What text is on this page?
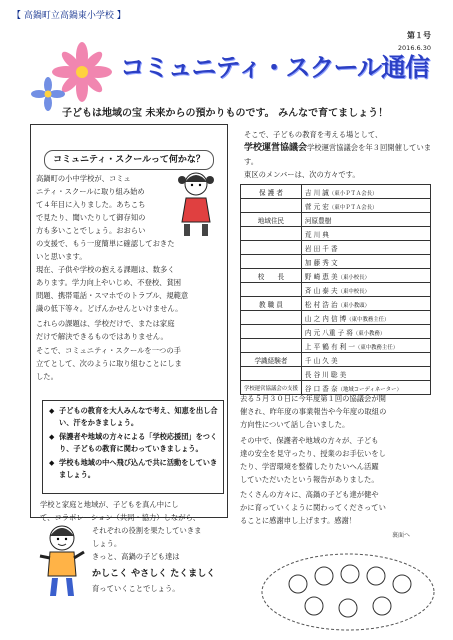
【 高鍋町立高鍋東小学校 】
第１号
2016.6.30
コミュニティ・スクール通信
子どもは地域の宝 未来からの預かりものです。 みんなで育てましょう！
コミュニティ・スクールって何かな？
高鍋町の小中学校が、コミュ
ニティ・スクールに取り組み始め
て４年目に入りました。あちこち
で見たり、聞いたりして御存知の
方も多いことでしょう。おおらい
の支援で、もう一度簡単に確認しておきた
いと思います。
現在、子供や学校の抱える課題は、数多く
あります。学力向上やいじめ、不登校、貧困
問題、携帯電話・スマホでのトラブル、規範意
識の低下等々。どげんかせんといけません。
これらの課題は、学校だけで、または家庭
だけで解決できるものではありません。
そこで、コミュニティ・スクールを一つの手
立てとして、次のように取り組むことにしま
した。
◆ 子どもの教育を大人みんなで考え、知恵を出し合い、汗をかきましょう。
◆ 保護者や地域の方々による「学校応援団」をつくり、子どもの教育に関わっていきましょう。
◆ 学校も地域の中へ飛び込んで共に活動をしていきましょう。
学校と家庭と地域が、子どもを真ん中にし
て、コラボレーション（共同・協力）しながら、
それぞれの役割を果たしていきま
しょう。
きっと、高鍋の子ども達は
かしこく やさしく たくましく
育っていくことでしょう。
そこで、子どもの教育を考える場として、
学校運営協議会学校運営協議会を年３回開催していま
す。
東区のメンバーは、次の方々です。
保 護 者	吉 川 誠（東小ＰＴＡ会長）
	菅 元 宏（東中ＰＴＡ会長）
地域住民	河原豊樹
	荒 川 典
	岩 田 千 香
	加 藤 秀 文
校　　長	野 崎 恵 美（東小校長）
	斉 山 泰 夫（東中校長）
教 職 員	松 村 浩 治（東小教頭）
	山 之 内 信 博（東中教務主任）
	内 元 八重 子 将（東小教務）
	上 平 鶴 有 利 一（東中教務主任）
学識経験者	千 山 久 美
	長 谷 川 聡 美
学校運営協議会の支援	谷 口 香 奈（地域コーディネーター）
去る５月３０日に今年度第１回の協議会が開
催され、昨年度の事業報告や今年度の取組の
方向性について話し合いました。
その中で、保護者や地域の方々が、子ども
達の安全を見守ったり、授業のお手伝いをし
たり、学習環境を整備したりたいへん活躍
していただいたという報告がありました。
たくさんの方々に、高鍋の子ども達が健や
かに育っていくように関わってくださってい
ることに感謝申し上げます。感謝！
裏面へ
